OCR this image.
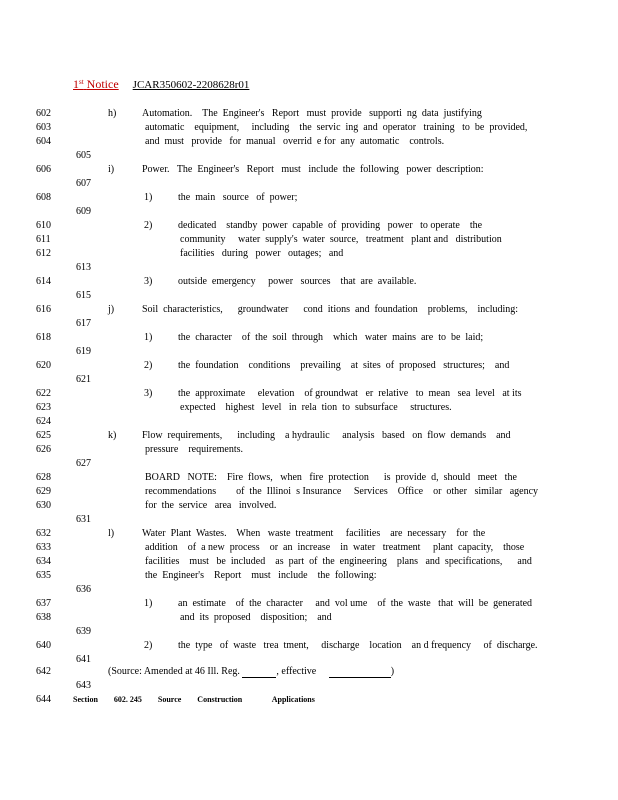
1st Notice JCAR350602-2208628r01
602	h)	Automation.    The  Engineer's   Report   must  provide   supporti  ng  data  justifying
603	automatic    equipment,     including    the  servic  ing  and  operator   training   to  be  provided,
604	and  must   provide   for  manual   overrid  e for  any  automatic    controls.
605
606	i)	Power.   The  Engineer's   Report   must   include  the  following   power  description:
607
608	1)	the  main   source   of  power;
609
610	2)	dedicated    standby  power  capable  of  providing   power   to operate    the
611	community     water  supply's  water  source,   treatment   plant and   distribution
612	facilities   during   power   outages;   and
613
614	3)	outside  emergency     power   sources    that  are  available.
615
616	j)	Soil  characteristics,      groundwater      cond  itions  and  foundation    problems,    including:
617
618	1)	the  character    of  the  soil  through    which   water  mains  are  to  be  laid;
619
620	2)	the  foundation    conditions    prevailing    at  sites  of  proposed   structures;    and
621
622	3)	the  approximate     elevation    of groundwat   er  relative   to  mean   sea  level   at its
623	expected    highest   level   in  rela  tion  to  subsurface     structures.
624
625	k)	Flow  requirements,      including    a hydraulic     analysis   based   on  flow  demands    and
626	pressure    requirements.
627
628	BOARD   NOTE:    Fire  flows,   when   fire  protection      is  provide  d,  should   meet   the
629	recommendations        of  the  Illinoi  s Insurance     Services    Office    or  other   similar   agency
630	for  the  service   area   involved.
631
632	l)	Water  Plant  Wastes.    When   waste  treatment     facilities    are  necessary    for  the
633	addition    of  a new  process    or  an  increase    in  water   treatment     plant  capacity,    those
634	facilities    must   be  included    as  part  of  the  engineering    plans   and  specifications,      and
635	the  Engineer's    Report    must   include    the  following:
636
637	1)	an  estimate    of  the  character     and  vol ume    of  the  waste   that  will  be  generated
638	and  its  proposed    disposition;    and
639
640	2)	the  type   of  waste   trea  tment,     discharge    location    an d frequency     of  discharge.
641
642	(Source: Amended at 46 Ill. Reg.	, effective	)
643
644	Section 602. 245 Source Construction	Applications
